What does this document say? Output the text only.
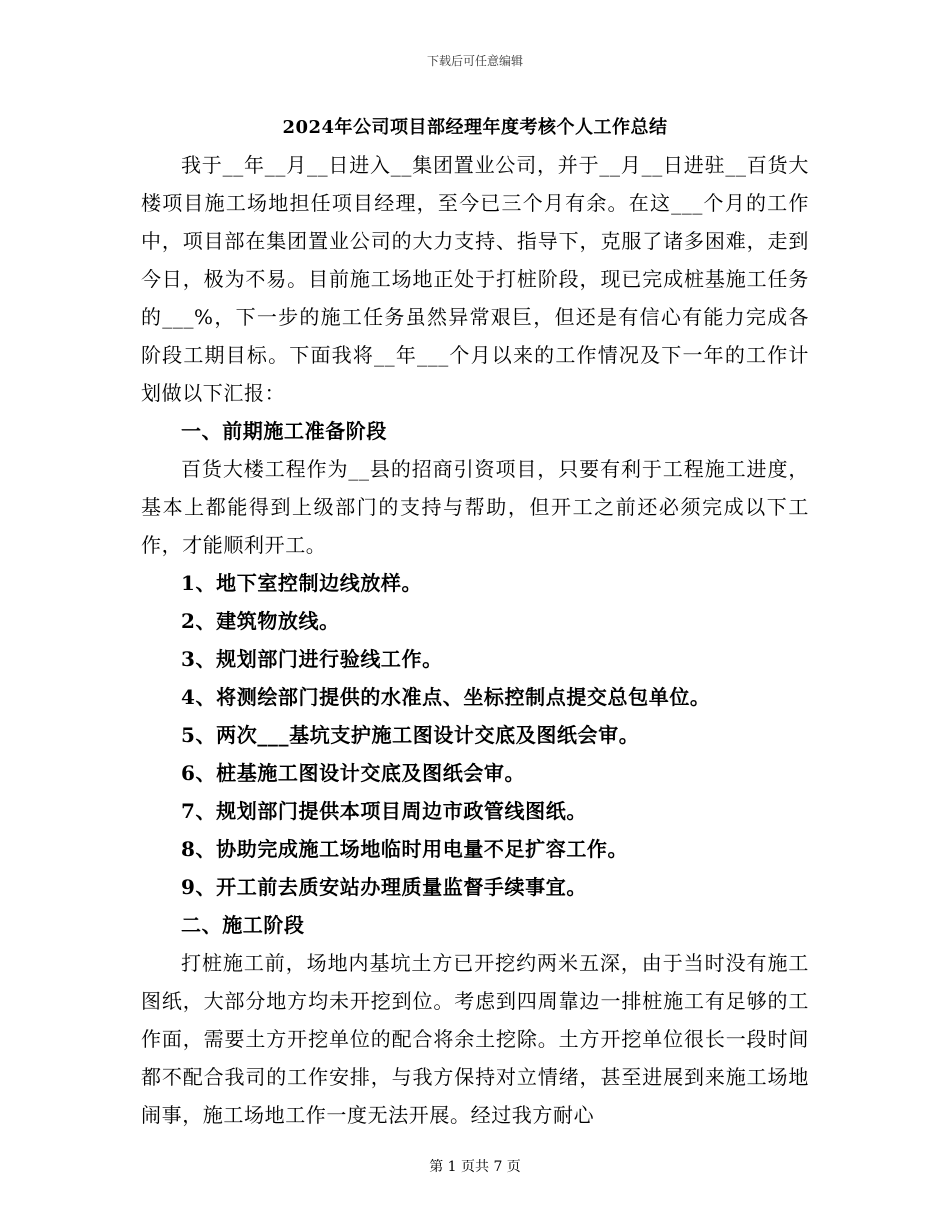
下载后可任意编辑
2024年公司项目部经理年度考核个人工作总结

我于__年__月__日进入__集团置业公司，并于__月__日进驻__百货大楼项目施工场地担任项目经理，至今已三个月有余。在这___个月的工作中，项目部在集团置业公司的大力支持、指导下，克服了诸多困难，走到今日，极为不易。目前施工场地正处于打桩阶段，现已完成桩基施工任务的___%，下一步的施工任务虽然异常艰巨，但还是有信心有能力完成各阶段工期目标。下面我将__年___个月以来的工作情况及下一年的工作计划做以下汇报：

一、前期施工准备阶段

百货大楼工程作为__县的招商引资项目，只要有利于工程施工进度，基本上都能得到上级部门的支持与帮助，但开工之前还必须完成以下工作，才能顺利开工。

1、地下室控制边线放样。
2、建筑物放线。
3、规划部门进行验线工作。
4、将测绘部门提供的水准点、坐标控制点提交总包单位。
5、两次___基坑支护施工图设计交底及图纸会审。
6、桩基施工图设计交底及图纸会审。
7、规划部门提供本项目周边市政管线图纸。
8、协助完成施工场地临时用电量不足扩容工作。
9、开工前去质安站办理质量监督手续事宜。
二、施工阶段

打桩施工前，场地内基坑土方已开挖约两米五深，由于当时没有施工图纸，大部分地方均未开挖到位。考虑到四周靠边一排桩施工有足够的工作面，需要土方开挖单位的配合将余土挖除。土方开挖单位很长一段时间都不配合我司的工作安排，与我方保持对立情绪，甚至进展到来施工场地闹事，施工场地工作一度无法开展。经过我方耐心

第 1 页共 7 页
